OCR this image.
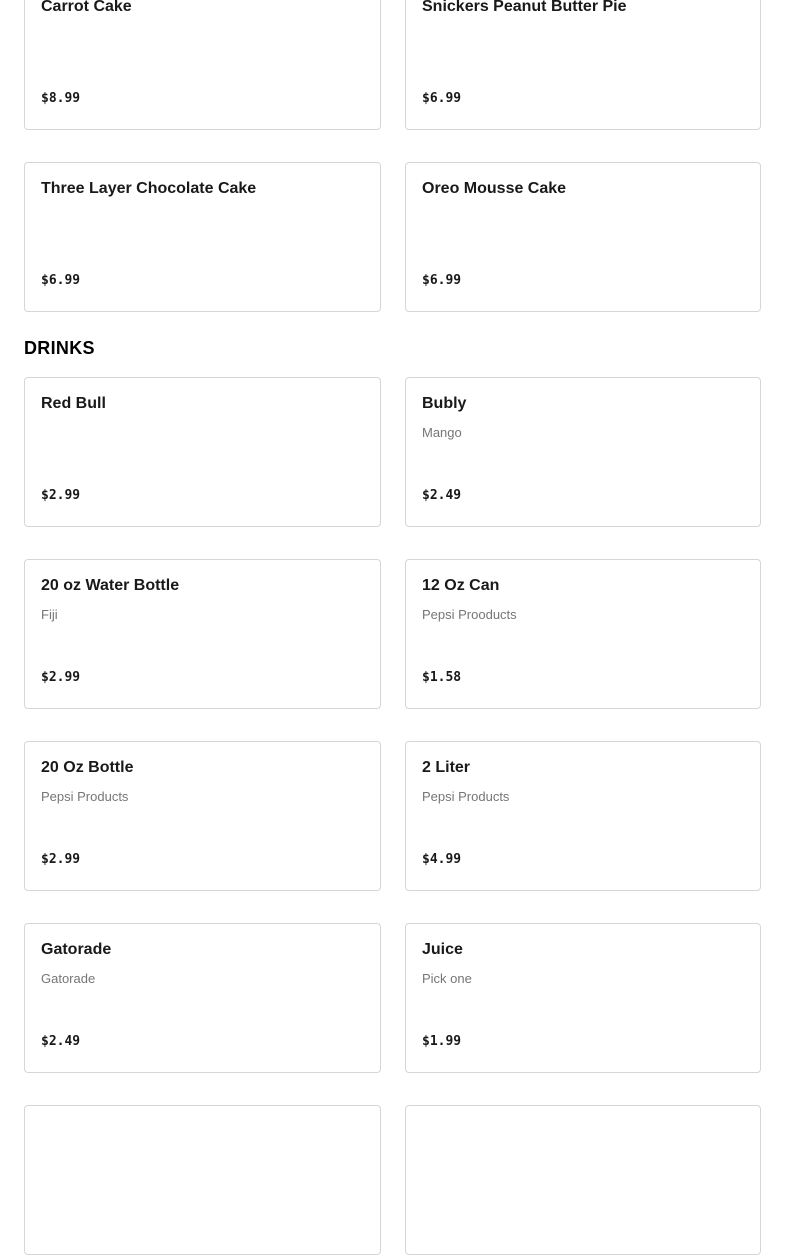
Carrot Cake
$8.99
Snickers Peanut Butter Pie
$6.99
Three Layer Chocolate Cake
$6.99
Oreo Mousse Cake
$6.99
DRINKS
Red Bull
$2.99
Bubly
Mango
$2.49
20 oz Water Bottle
Fiji
$2.99
12 Oz Can
Pepsi Prooducts
$1.58
20 Oz Bottle
Pepsi Products
$2.99
2 Liter
Pepsi Products
$4.99
Gatorade
Gatorade
$2.49
Juice
Pick one
$1.99
